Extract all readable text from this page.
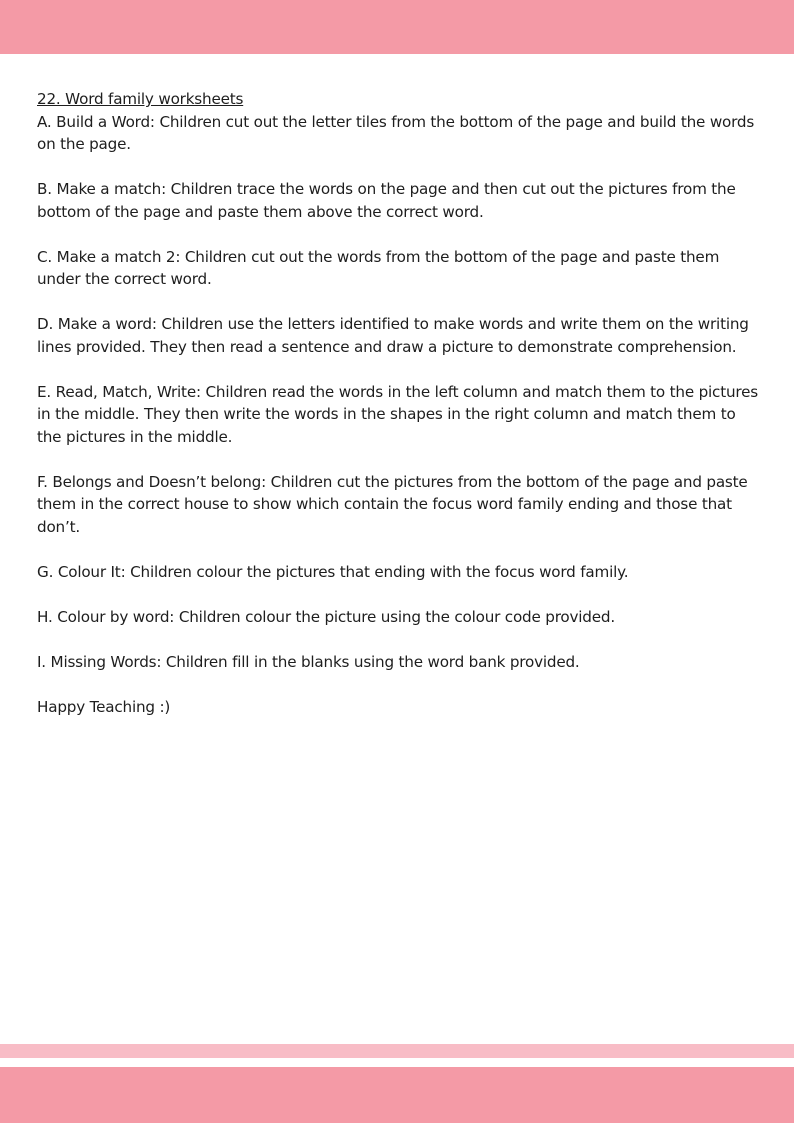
22. Word family worksheets

A. Build a Word: Children cut out the letter tiles from the bottom of the page and build the words on the page.

B. Make a match: Children trace the words on the page and then cut out the pictures from the bottom of the page and paste them above the correct word.

C. Make a match 2: Children cut out the words from the bottom of the page and paste them under the correct word.

D. Make a word: Children use the letters identified to make words and write them on the writing lines provided. They then read a sentence and draw a picture to demonstrate comprehension.

E. Read, Match, Write: Children read the words in the left column and match them to the pictures in the middle. They then write the words in the shapes in the right column and match them to the pictures in the middle.

F. Belongs and Doesn’t belong: Children cut the pictures from the bottom of the page and paste them in the correct house to show which contain the focus word family ending and those that don’t.

G. Colour It: Children colour the pictures that ending with the focus word family.

H. Colour by word: Children colour the picture using the colour code provided.

I. Missing Words: Children fill in the blanks using the word bank provided.

Happy Teaching :)
